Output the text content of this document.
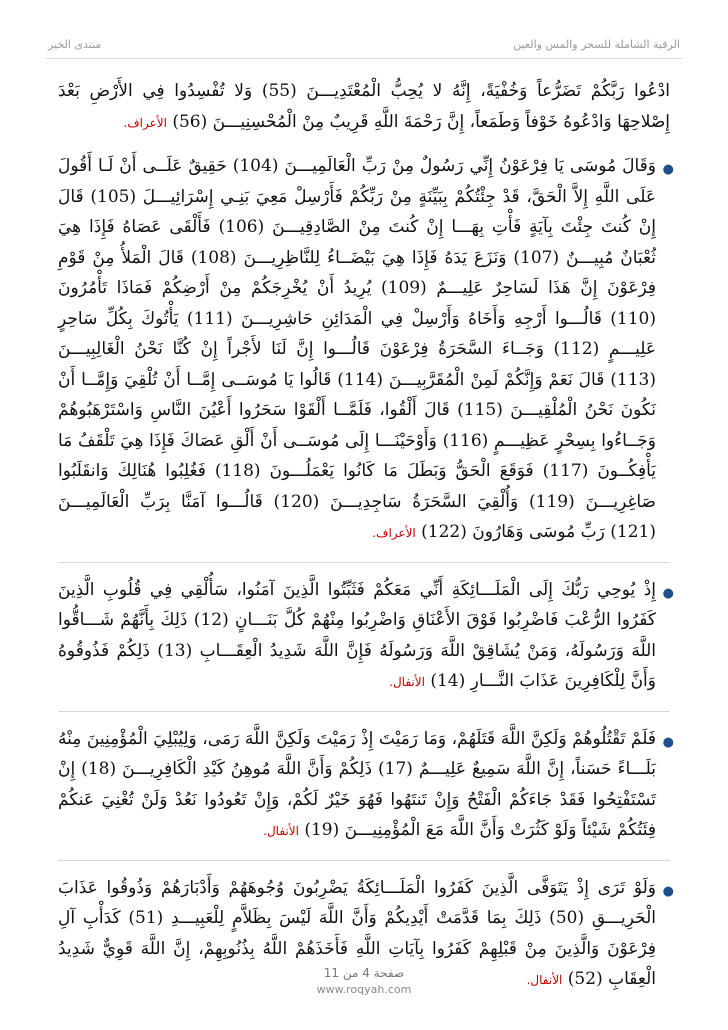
منتدى الخير	الرقية الشاملة للسحر والمس والعين

ادْعُوا رَبَّكُمْ تَضَرُّعاً وَخُفْيَةً، إِنَّهُ لا يُحِبُّ الْمُعْتَدِيـــنَ (55) وَلا تُفْسِدُوا فِي الأَرْضِ بَعْدَ إِصْلاحِهَا وَادْعُوهُ خَوْفاً وَطَمَعاً، إِنَّ رَحْمَةَ اللَّهِ قَرِيبٌ مِنْ الْمُحْسِنِيـــنَ (56) الأعراف.

●

وَقَالَ مُوسَى يَا فِرْعَوْنُ إِنِّي رَسُولٌ مِنْ رَبِّ الْعَالَمِيـــنَ (104) حَقِيقٌ عَلَــى أَنْ لَـا أَقُولَ عَلَى اللَّهِ إِلاَّ الْحَقَّ، قَدْ جِئْتُكُمْ بِبَيِّنَةٍ مِنْ رَبِّكُمْ فَأَرْسِلْ مَعِيَ بَنِـي إِسْرَائِيـــلَ (105) قَالَ إِنْ كُنتَ جِئْتَ بِآيَةٍ فَأْتِ بِهَـــا إِنْ كُنتَ مِنْ الصَّادِقِيـــنَ (106) فَأَلْقَى عَصَاهُ فَإِذَا هِيَ ثُعْبَانٌ مُبِيـــنٌ (107) وَنَزَعَ يَدَهُ فَإِذَا هِيَ بَيْضَــاءُ لِلنَّاظِرِيـــنَ (108) قَالَ الْمَلأُ مِنْ قَوْمِ فِرْعَوْنَ إِنَّ هَذَا لَسَاحِرٌ عَلِيـــمٌ (109) يُرِيدُ أَنْ يُخْرِجَكُمْ مِنْ أَرْضِكُمْ فَمَاذَا تَأْمُرُونَ (110) قَالُـــوا أَرْجِهِ وَأَخَاهُ وَأَرْسِلْ فِي الْمَدَائِنِ حَاشِرِيـــنَ (111) يَأْتُوكَ بِكُلِّ سَاحِرٍ عَلِيـــمٍ (112) وَجَــاءَ السَّحَرَةُ فِرْعَوْنَ قَالُـــوا إِنَّ لَنَا لأَجْراً إِنْ كُنَّا نَحْنُ الْغَالِبِيـــنَ (113) قَالَ نَعَمْ وَإِنَّكُمْ لَمِنْ الْمُقَرَّبِيـــنَ (114) قَالُوا يَا مُوسَــى إِمَّــا أَنْ تُلْقِيَ وَإِمَّــا أَنْ نَكُونَ نَحْنُ الْمُلْقِيـــنَ (115) قَالَ أَلْقُوا، فَلَمَّــا أَلْقَوْا سَحَرُوا أَعْيُنَ النَّاسِ وَاسْتَرْهَبُوهُمْ وَجَــاءُوا بِسِحْرٍ عَظِيـــمٍ (116) وَأَوْحَيْنَـــا إِلَى مُوسَــى أَنْ أَلْقِ عَصَاكَ فَإِذَا هِيَ تَلْقَفُ مَا يَأْفِكُــونَ (117) فَوَقَعَ الْحَقُّ وَبَطَلَ مَا كَانُوا يَعْمَلُـــونَ (118) فَغُلِبُوا هُنَالِكَ وَانقَلَبُوا صَاغِرِيـــنَ (119) وَأُلْقِيَ السَّحَرَةُ سَاجِدِيـــنَ (120) قَالُـــوا آمَنَّا بِرَبِّ الْعَالَمِيـــنَ (121) رَبِّ مُوسَى وَهَارُونَ (122) الأعراف.

●

إِذْ يُوحِي رَبُّكَ إِلَى الْمَلَـــائِكَةِ أَنِّي مَعَكُمْ فَثَبِّتُوا الَّذِينَ آمَنُوا، سَأُلْقِي فِي قُلُوبِ الَّذِينَ كَفَرُوا الرُّعْبَ فَاضْرِبُوا فَوْقَ الأَعْنَاقِ وَاضْرِبُوا مِنْهُمْ كُلَّ بَنَـــانٍ (12) ذَلِكَ بِأَنَّهُمْ شَـــاقُّوا اللَّهَ وَرَسُولَهُ، وَمَنْ يُشَاقِقْ اللَّهَ وَرَسُولَهُ فَإِنَّ اللَّهَ شَدِيدُ الْعِقَـــابِ (13) ذَلِكُمْ فَذُوقُوهُ وَأَنَّ لِلْكَافِرِينَ عَذَابَ النَّـــارِ (14) الأنفال.

●

فَلَمْ تَقْتُلُوهُمْ وَلَكِنَّ اللَّهَ قَتَلَهُمْ، وَمَا رَمَيْتَ إِذْ رَمَيْتَ وَلَكِنَّ اللَّهَ رَمَى، وَلِيُبْلِيَ الْمُؤْمِنِينَ مِنْهُ بَلَـــاءً حَسَناً، إِنَّ اللَّهَ سَمِيعٌ عَلِيـــمٌ (17) ذَلِكُمْ وَأَنَّ اللَّهَ مُوهِنُ كَيْدِ الْكَافِرِيـــنَ (18) إِنْ تَسْتَفْتِحُوا فَقَدْ جَاءَكُمْ الْفَتْحُ وَإِنْ تَنتَهُوا فَهُوَ خَيْرٌ لَكُمْ، وَإِنْ تَعُودُوا نَعُدْ وَلَنْ تُغْنِيَ عَنكُمْ فِئَتُكُمْ شَيْئاً وَلَوْ كَثُرَتْ وَأَنَّ اللَّهَ مَعَ الْمُؤْمِنِيـــنَ (19) الأنفال.

●

وَلَوْ تَرَى إِذْ يَتَوَفَّى الَّذِينَ كَفَرُوا الْمَلَـــائِكَةُ يَضْرِبُونَ وُجُوهَهُمْ وَأَدْبَارَهُمْ وَذُوقُوا عَذَابَ الْحَرِيـــقِ (50) ذَلِكَ بِمَا قَدَّمَتْ أَيْدِيكُمْ وَأَنَّ اللَّهَ لَيْسَ بِظَلاَّمٍ لِلْعَبِيـــدِ (51) كَدَأْبِ آلِ فِرْعَوْنَ وَالَّذِينَ مِنْ قَبْلِهِمْ كَفَرُوا بِآيَاتِ اللَّهِ فَأَخَذَهُمْ اللَّهُ بِذُنُوبِهِمْ، إِنَّ اللَّهَ قَوِيٌّ شَدِيدُ الْعِقَابِ (52) الأنفال.

صفحة 4 من 11
www.roqyah.com
